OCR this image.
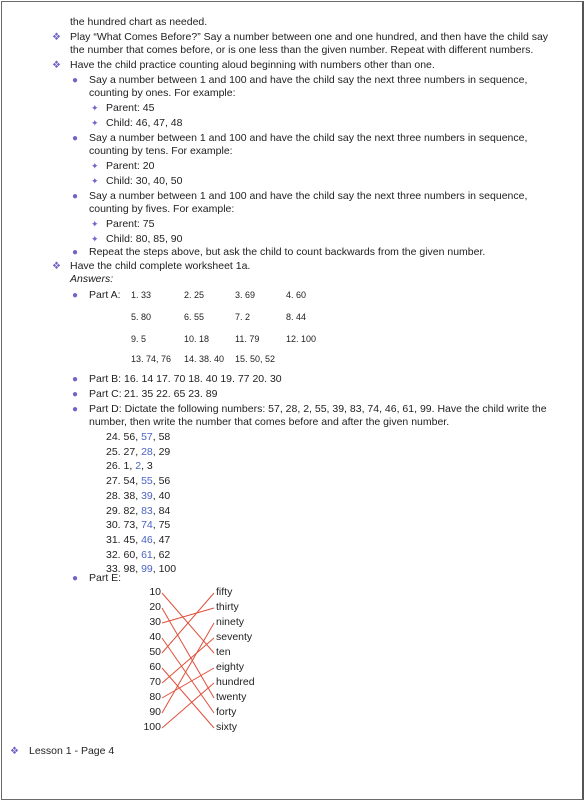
the hundred chart as needed.
❖ Play “What Comes Before?” Say a number between one and one hundred, and then have the child say
the number that comes before, or is one less than the given number. Repeat with different numbers.
❖ Have the child practice counting aloud beginning with numbers other than one.
● Say a number between 1 and 100 and have the child say the next three numbers in sequence,
counting by ones. For example:
✦ Parent: 45
✦ Child: 46, 47, 48
● Say a number between 1 and 100 and have the child say the next three numbers in sequence,
counting by tens. For example:
✦ Parent: 20
✦ Child: 30, 40, 50
● Say a number between 1 and 100 and have the child say the next three numbers in sequence,
counting by fives. For example:
✦ Parent: 75
✦ Child: 80, 85, 90
● Repeat the steps above, but ask the child to count backwards from the given number.
❖ Have the child complete worksheet 1a.
Answers:
● Part A: 1. 33	2. 25	3. 69	4. 60
5. 80	6. 55	7. 2	8. 44
9. 5	10. 18	11. 79	12. 100
13. 74, 76 14. 38. 40 15. 50, 52
● Part B: 16. 14 17. 70 18. 40 19. 77 20. 30
● Part C: 21. 35 22. 65 23. 89
● Part D: Dictate the following numbers: 57, 28, 2, 55, 39, 83, 74, 46, 61, 99. Have the child write the
number, then write the number that comes before and after the given number.
24. 56, 57, 58
25. 27, 28, 29
26. 1, 2, 3
27. 54, 55, 56
28. 38, 39, 40
29. 82, 83, 84
30. 73, 74, 75
31. 45, 46, 47
32. 60, 61, 62
33. 98, 99, 100
● Part E:
10
20
30
40
50
60
70
80
90
100
fifty
thirty
ninety
seventy
ten
eighty
hundred
twenty
forty
sixty
❖ Lesson 1 - Page 4
